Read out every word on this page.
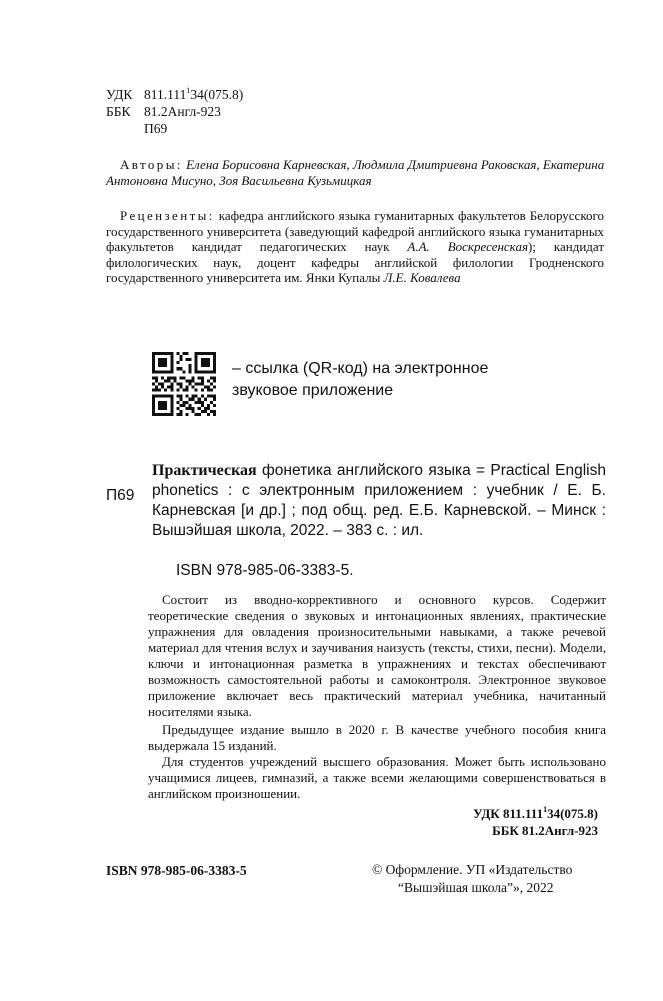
УДК 811.111$^1$34(075.8)
ББК 81.2Англ-923
П69
Авторы: Елена Борисовна Карневская, Людмила Дмитриевна Раковская, Екатерина Антоновна Мисуно, Зоя Васильевна Кузьмицкая
Рецензенты: кафедра английского языка гуманитарных факультетов Белорусского государственного университета (заведующий кафедрой английского языка гуманитарных факультетов кандидат педагогических наук А.А. Воскресенская); кандидат филологических наук, доцент кафедры английской филологии Гродненского государственного университета им. Янки Купалы Л.Е. Ковалева
– ссылка (QR-код) на электронное
звуковое приложение
П69
Практическая фонетика английского языка = Practical English phonetics : с электронным приложением : учебник / Е. Б. Карневская [и др.] ; под общ. ред. Е.Б. Карневской. – Минск : Вышэйшая школа, 2022. – 383 с. : ил.
ISBN 978-985-06-3383-5.

Состоит из вводно-коррективного и основного курсов. Содержит теоретические сведения о звуковых и интонационных явлениях, практические упражнения для овладения произносительными навыками, а также речевой материал для чтения вслух и заучивания наизусть (тексты, стихи, песни). Модели, ключи и интонационная разметка в упражнениях и текстах обеспечивают возможность самостоятельной работы и самоконтроля. Электронное звуковое приложение включает весь практический материал учебника, начитанный носителями языка.

Предыдущее издание вышло в 2020 г. В качестве учебного пособия книга выдержала 15 изданий.

Для студентов учреждений высшего образования. Может быть использовано учащимися лицеев, гимназий, а также всеми желающими совершенствоваться в английском произношении.

УДК 811.111$^1$34(075.8)
ББК 81.2Англ-923
ISBN 978-985-06-3383-5	© Оформление. УП «Издательство
“Вышэйшая школа”», 2022
